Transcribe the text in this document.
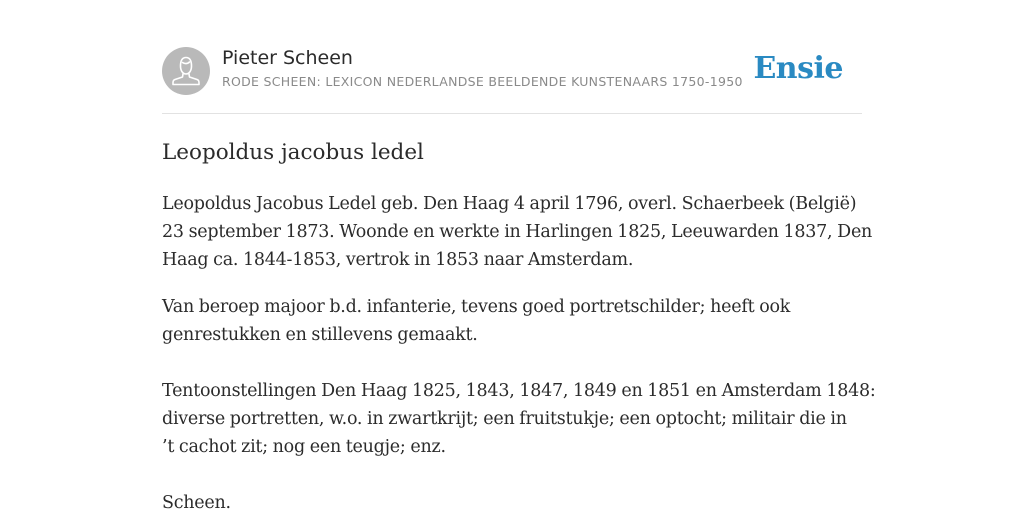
Pieter Scheen
RODE SCHEEN: LEXICON NEDERLANDSE BEELDENDE KUNSTENAARS 1750-1950 Ensie
Leopoldus jacobus ledel

Leopoldus Jacobus Ledel geb. Den Haag 4 april 1796, overl. Schaerbeek (België)
23 september 1873. Woonde en werkte in Harlingen 1825, Leeuwarden 1837, Den
Haag ca. 1844-1853, vertrok in 1853 naar Amsterdam.

Van beroep majoor b.d. infanterie, tevens goed portretschilder; heeft ook
genrestukken en stillevens gemaakt.

Tentoonstellingen Den Haag 1825, 1843, 1847, 1849 en 1851 en Amsterdam 1848:
diverse portretten, w.o. in zwartkrijt; een fruitstukje; een optocht; militair die in
’t cachot zit; nog een teugje; enz.

Scheen.
